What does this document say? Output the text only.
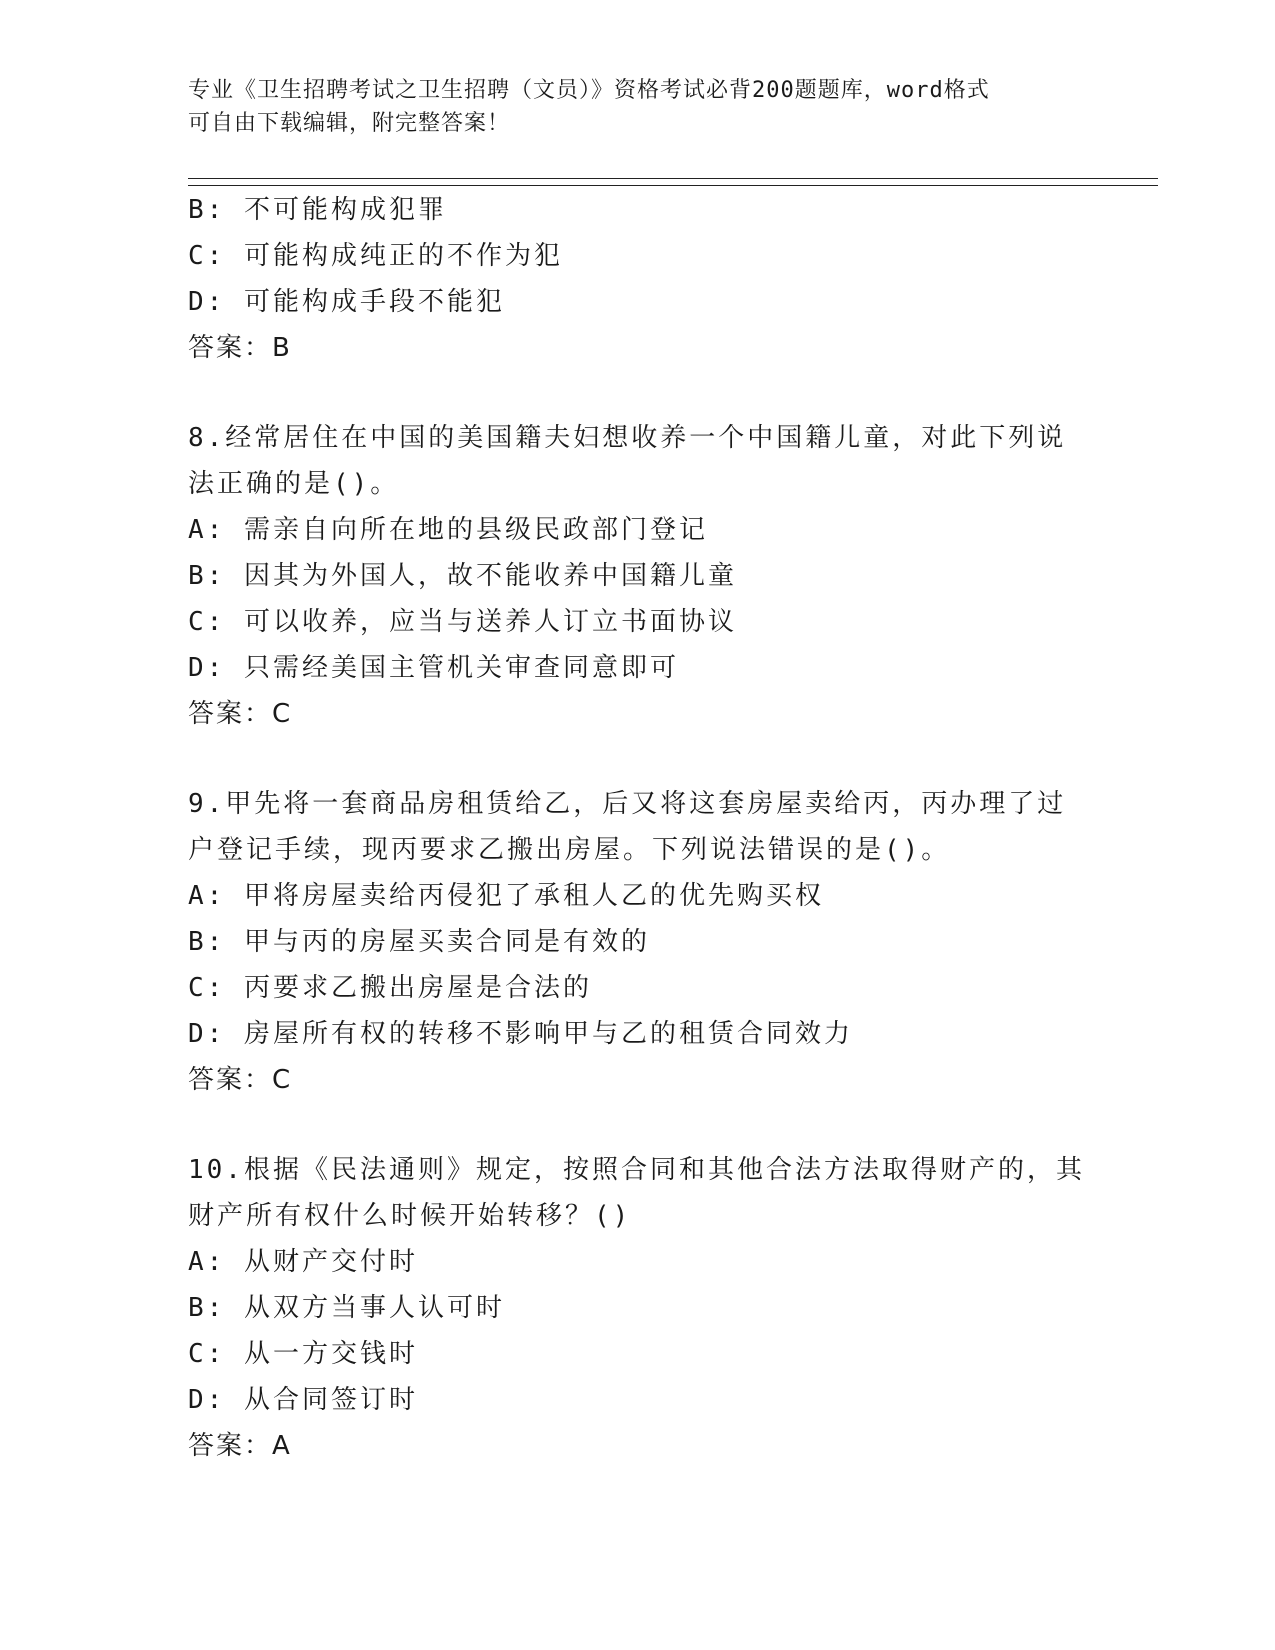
专业《卫生招聘考试之卫生招聘（文员）》资格考试必背200题题库，word格式
可自由下载编辑，附完整答案！
B: 不可能构成犯罪
C: 可能构成纯正的不作为犯
D: 可能构成手段不能犯
答案：B
8.经常居住在中国的美国籍夫妇想收养一个中国籍儿童，对此下列说
法正确的是()。
A: 需亲自向所在地的县级民政部门登记
B: 因其为外国人，故不能收养中国籍儿童
C: 可以收养，应当与送养人订立书面协议
D: 只需经美国主管机关审查同意即可
答案：C
9.甲先将一套商品房租赁给乙，后又将这套房屋卖给丙，丙办理了过
户登记手续，现丙要求乙搬出房屋。下列说法错误的是()。
A: 甲将房屋卖给丙侵犯了承租人乙的优先购买权
B: 甲与丙的房屋买卖合同是有效的
C: 丙要求乙搬出房屋是合法的
D: 房屋所有权的转移不影响甲与乙的租赁合同效力
答案：C
10.根据《民法通则》规定，按照合同和其他合法方法取得财产的，其
财产所有权什么时候开始转移？()
A: 从财产交付时
B: 从双方当事人认可时
C: 从一方交钱时
D: 从合同签订时
答案：A
